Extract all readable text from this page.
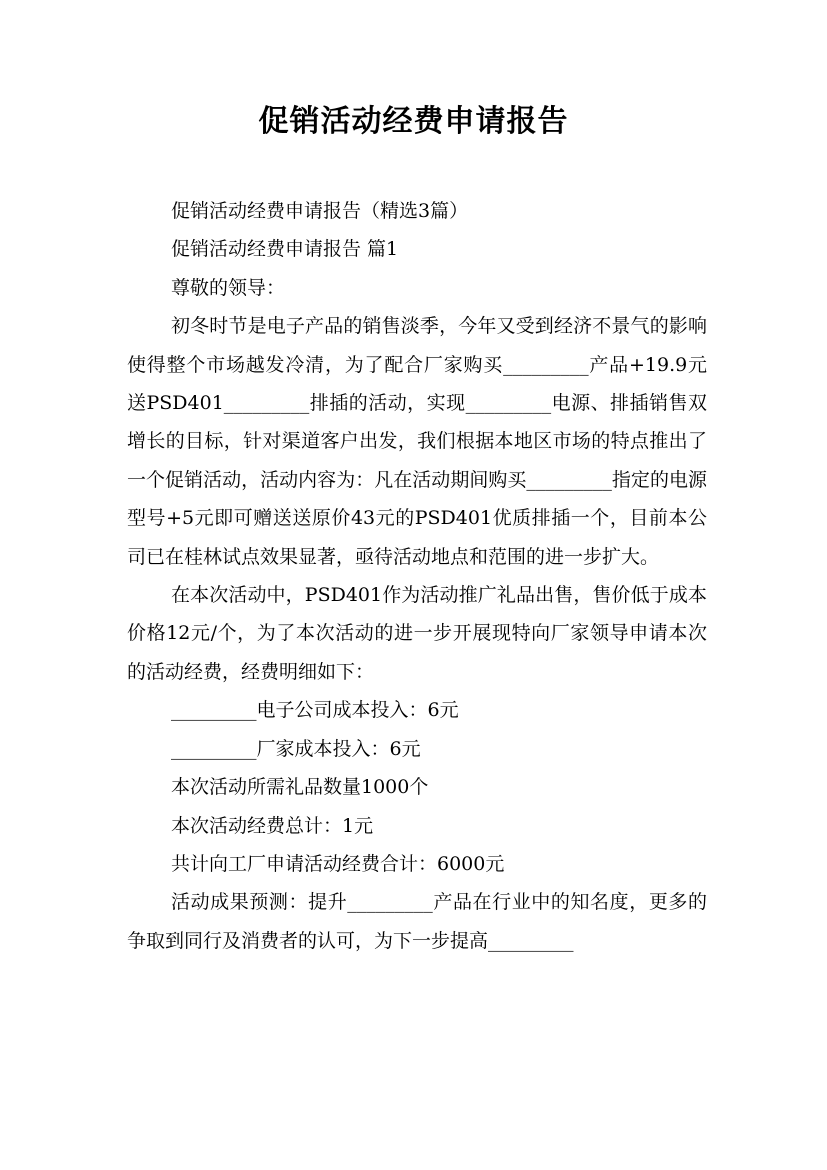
促销活动经费申请报告

促销活动经费申请报告（精选3篇）

促销活动经费申请报告 篇1

尊敬的领导：

初冬时节是电子产品的销售淡季，今年又受到经济不景气的影响使得整个市场越发冷清，为了配合厂家购买_________产品+19.9元送PSD401_________排插的活动，实现_________电源、排插销售双增长的目标，针对渠道客户出发，我们根据本地区市场的特点推出了一个促销活动，活动内容为：凡在活动期间购买_________指定的电源型号+5元即可赠送送原价43元的PSD401优质排插一个，目前本公司已在桂林试点效果显著，亟待活动地点和范围的进一步扩大。

在本次活动中，PSD401作为活动推广礼品出售，售价低于成本价格12元/个，为了本次活动的进一步开展现特向厂家领导申请本次的活动经费，经费明细如下：

_________电子公司成本投入：6元

_________厂家成本投入：6元

本次活动所需礼品数量1000个

本次活动经费总计：1元

共计向工厂申请活动经费合计：6000元

活动成果预测：提升_________产品在行业中的知名度，更多的争取到同行及消费者的认可，为下一步提高_________
